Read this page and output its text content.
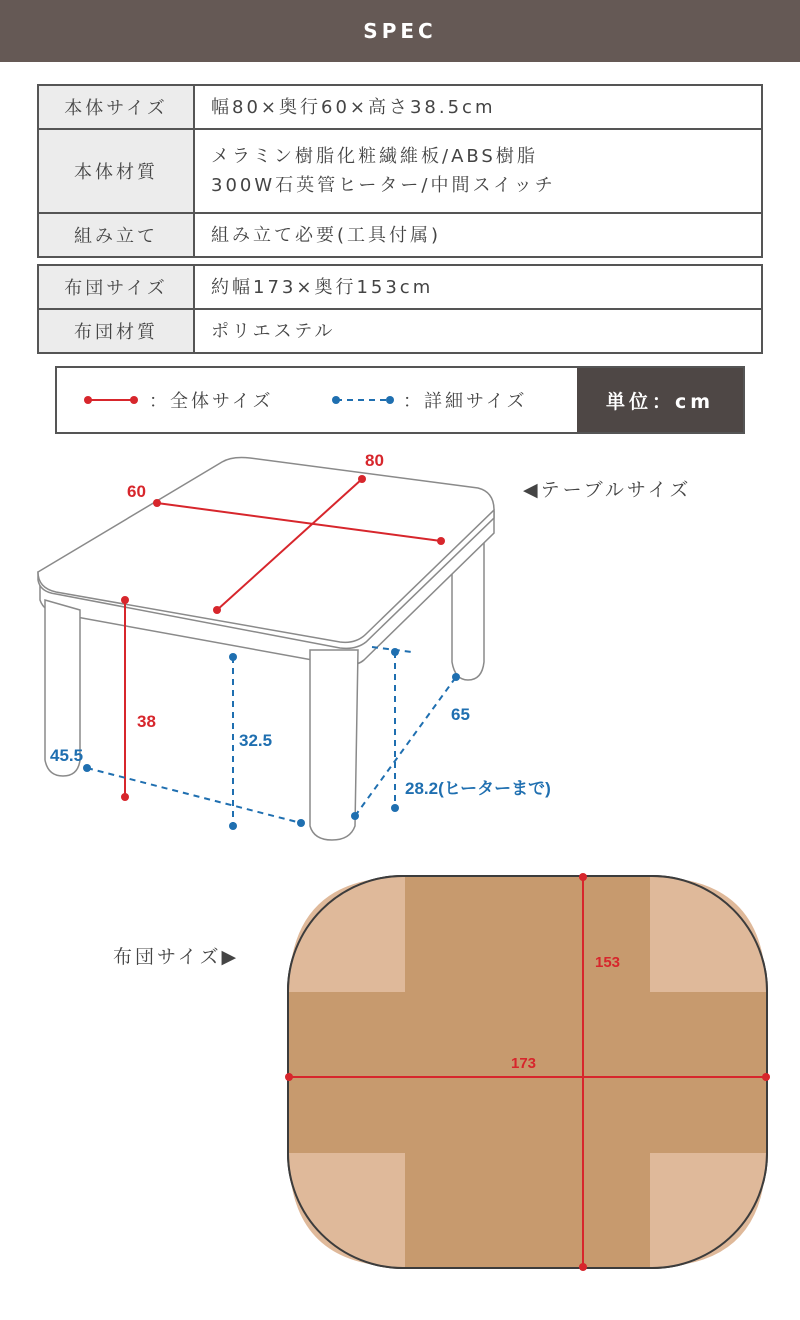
SPEC
本体サイズ	幅80×奥行60×高さ38.5cm
本体材質	メラミン樹脂化粧繊維板/ABS樹脂
300W石英管ヒーター/中間スイッチ

組み立て	組み立て必要(工具付属)
布団サイズ	約幅173×奥行153cm
布団材質	ポリエステル
：全体サイズ	：詳細サイズ	単位：cm
80
60
38
32.5
65
45.5
28.2(ヒーターまで)
◀テーブルサイズ
153
173
布団サイズ▶
